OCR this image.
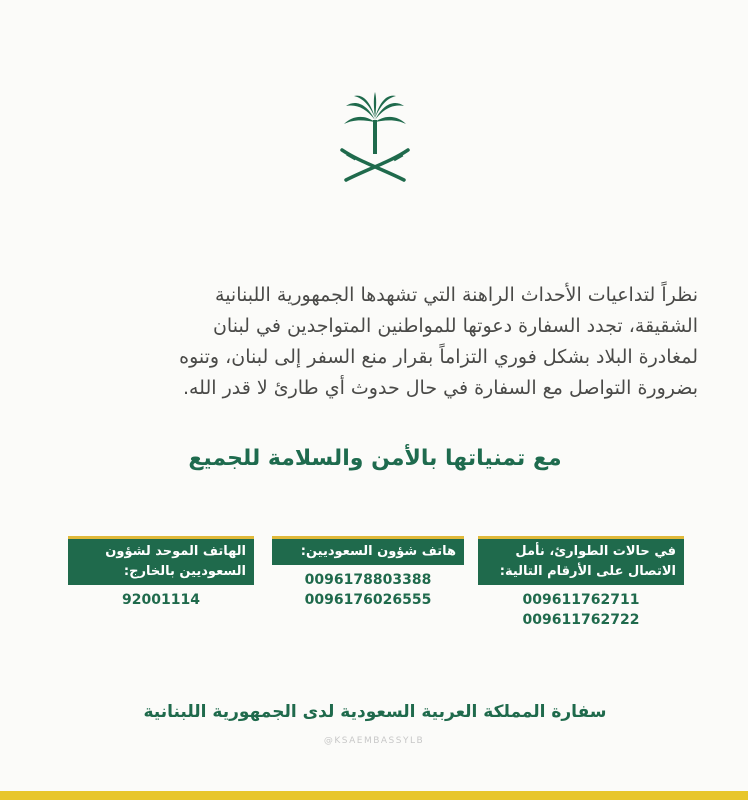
نظراً لتداعيات الأحداث الراهنة التي تشهدها الجمهورية اللبنانية

الشقيقة، تجدد السفارة دعوتها للمواطنين المتواجدين في لبنان

لمغادرة البلاد بشكل فوري التزاماً بقرار منع السفر إلى لبنان، وتنوه

بضرورة التواصل مع السفارة في حال حدوث أي طارئ لا قدر الله.

مع تمنياتها بالأمن والسلامة للجميع
في حالات الطوارئ، نأمل الاتصال على الأرقام التالية:
009611762711
009611762722
هاتف شؤون السعوديين:
0096178803388
0096176026555
الهاتف الموحد لشؤون السعوديين بالخارج:
92001114
سفارة المملكة العربية السعودية لدى الجمهورية اللبنانية
@KSAEMBASSYLB
